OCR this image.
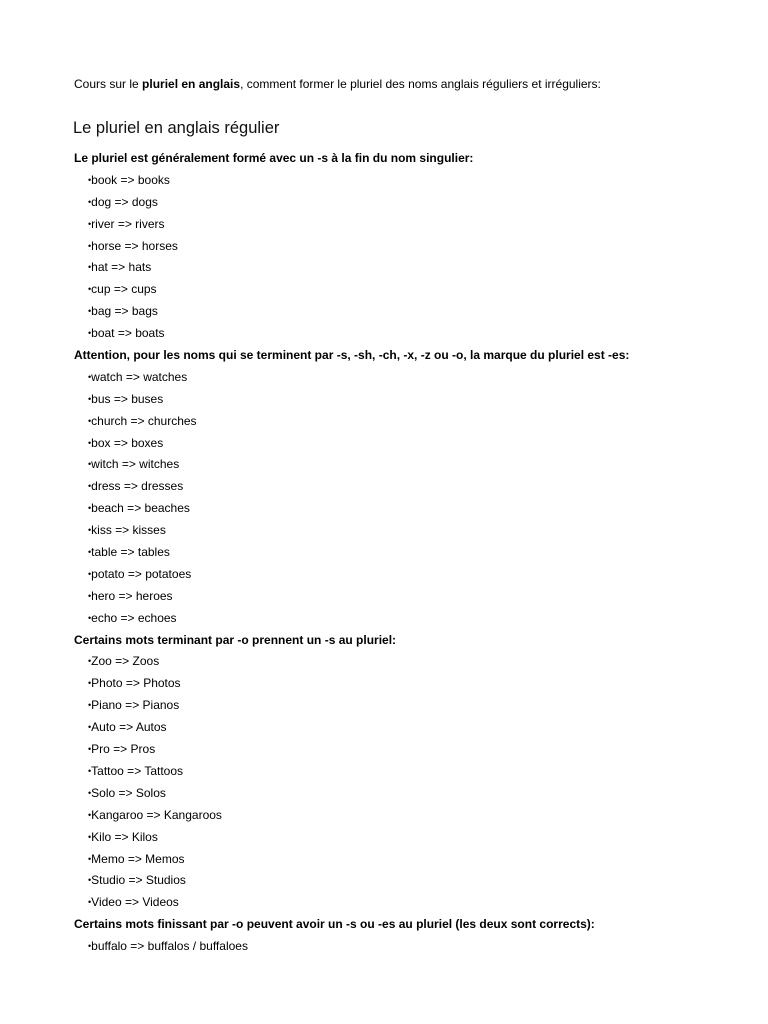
Cours sur le pluriel en anglais, comment former le pluriel des noms anglais réguliers et irréguliers:

Le pluriel en anglais régulier
Le pluriel est généralement formé avec un -s à la fin du nom singulier:
• book => books
• dog => dogs
• river => rivers
• horse => horses
• hat => hats
• cup => cups
• bag => bags
• boat => boats
Attention, pour les noms qui se terminent par -s, -sh, -ch, -x, -z ou -o, la marque du pluriel est -es:
• watch => watches
• bus => buses
• church => churches
• box => boxes
• witch => witches
• dress => dresses
• beach => beaches
• kiss => kisses
• table => tables
• potato => potatoes
• hero => heroes
• echo => echoes
Certains mots terminant par -o prennent un -s au pluriel:
• Zoo => Zoos
• Photo => Photos
• Piano => Pianos
• Auto => Autos
• Pro => Pros
• Tattoo => Tattoos
• Solo => Solos
• Kangaroo => Kangaroos
• Kilo => Kilos
• Memo => Memos
• Studio => Studios
• Video => Videos
Certains mots finissant par -o peuvent avoir un -s ou -es au pluriel (les deux sont corrects):
• buffalo => buffalos / buffaloes
